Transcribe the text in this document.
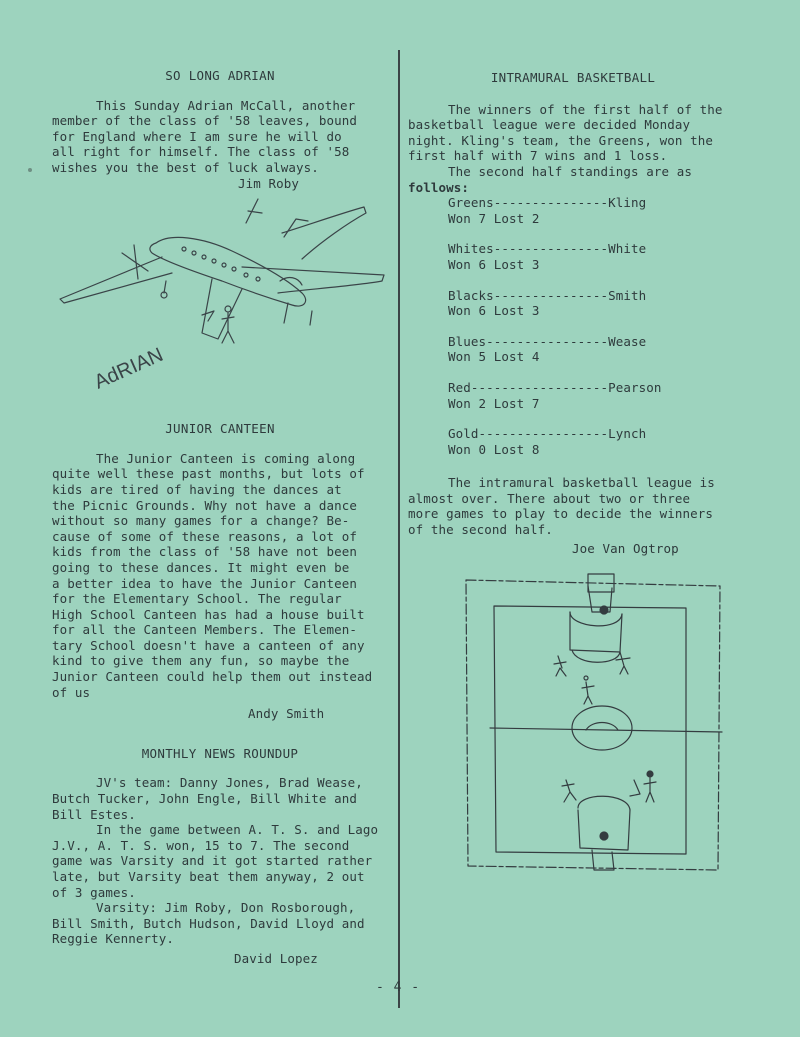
SO LONG ADRIAN

This Sunday Adrian McCall, another

member of the class of '58 leaves, bound

for England where I am sure he will do

all right for himself. The class of '58

wishes you the best of luck always.

Jim Roby

AdRIAN
JUNIOR CANTEEN

The Junior Canteen is coming along

quite well these past months, but lots of

kids are tired of having the dances at

the Picnic Grounds. Why not have a dance

without so many games for a change? Be-

cause of some of these reasons, a lot of

kids from the class of '58 have not been

going to these dances. It might even be

a better idea to have the Junior Canteen

for the Elementary School. The regular

High School Canteen has had a house built

for all the Canteen Members. The Elemen-

tary School doesn't have a canteen of any

kind to give them any fun, so maybe the

Junior Canteen could help them out instead

of us

Andy Smith

MONTHLY NEWS ROUNDUP

JV's team: Danny Jones, Brad Wease,

Butch Tucker, John Engle, Bill White and

Bill Estes.

In the game between A. T. S. and Lago

J.V., A. T. S. won, 15 to 7. The second

game was Varsity and it got started rather

late, but Varsity beat them anyway, 2 out

of 3 games.

Varsity: Jim Roby, Don Rosborough,

Bill Smith, Butch Hudson, David Lloyd and

Reggie Kennerty.

David Lopez

INTRAMURAL BASKETBALL

The winners of the first half of the

basketball league were decided Monday

night. Kling's team, the Greens, won the

first half with 7 wins and 1 loss.

The second half standings are as

follows:

Greens---------------Kling

Won 7 Lost 2

Whites---------------White

Won 6 Lost 3

Blacks---------------Smith

Won 6 Lost 3

Blues----------------Wease

Won 5 Lost 4

Red------------------Pearson

Won 2 Lost 7

Gold-----------------Lynch

Won 0 Lost 8

The intramural basketball league is

almost over. There about two or three

more games to play to decide the winners

of the second half.

Joe Van Ogtrop

- 4 -
